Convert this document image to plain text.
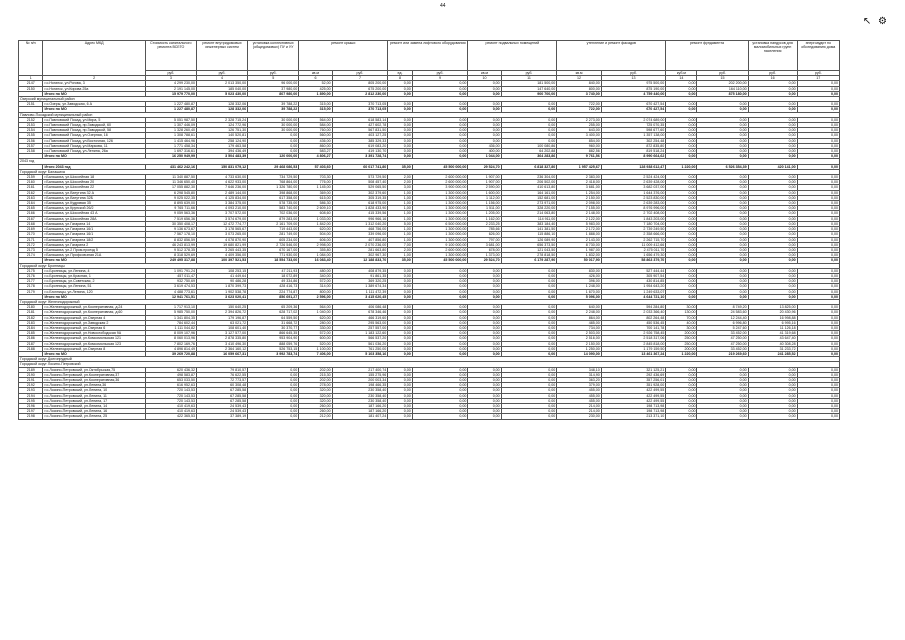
44
↖ ⚙
№ п/п	Адрес МКД	Стоимость капитального ремонта ВСЕГО	ремонт внутридомовых инженерных систем	установка коллективных (общедомовых) ПУ и УУ	ремонт крыши		ремонт или замена лифтового оборудования		ремонт подвальных помещений		утепление и ремонт фасадов		ремонт фундамента		установка пандусов для маломобильных групп населения	энергоаудит по обследованию дома
		руб.	руб.	руб.	кв.м	руб.	ед.	руб.	кв.м	руб.	кв.м	руб.	куб.м	руб.	руб.	руб.
1	2	3	4	5	6	7	8	9	10	11	12	13	14	15	16	17
2147	г.о.Ногинск, ул.Рогова, 3	4 299 230,00	2 013 350,00	96 000,00	52,00	805 200,00	0,00	0,00	0,00	181 500,00	840,00	975 500,00	0,00	202 200,00	0,00	0,00
2150	г.о.Ногинск, ул.Кирова 25а	2 191 145,00	185 040,00	37 980,00	425,00	675 200,00	0,00	0,00	0,00	147 640,00	800,00	875 190,00	0,00	164 110,00	0,00	0,00
	Итого по МО	15 979 770,00	5 023 430,00	807 980,00	1 890,00	2 812 230,00	0,00	0,00	0,00	900 700,00	3 740,00	4 759 440,00	0,00	875 180,00	0,00	0,00
Озерский муниципальный район																
2151	г.о.Озеры, ул.Заводская, 6 А	1 227 480,87	128 332,06	39 788,22	315,00	370 713,05	0,00	0,00	0,00	0,00	722,00	670 427,54	0,00	0,00	0,00	0,00
	Итого по МО	1 227 480,87	128 332,06	39 788,22	315,00	370 713,05	0,00	0,00	0,00	0,00	722,00	670 427,54	0,00	0,00	0,00	0,00
Павлово-Посадский муниципальный район																
2152	г.о.Павловский Посад, ул.Мира, 5	5 051 987,50	2 328 715,24	30 000,00	564,00	618 583,14	0,00	0,00	0,00	0,00	2 273,00	2 074 689,00	0,00	0,00	0,00	0,00
2153	г.о.Павловский Посад, пр.Заводской, 60	1 307 446,09	124 772,96	30 000,00	584,00	427 602,78	0,00	0,00	0,00	0,00	255,00	725 070,35	0,00	0,00	0,00	0,00
2154	г.о.Павловский Посад, пр.Заводской, 58	1 328 260,40	126 751,30	30 000,00	760,00	567 831,50	0,00	0,00	0,00	0,00	643,00	598 677,60	0,00	0,00	0,00	0,00
2155	г.о.Павловский Посад, ул.Озерная, 16	1 308 788,61	140 520,81	0,00	560,00	403 127,25	0,00	0,00	0,00	0,00	3 400,00	1 357 138,00	0,00	0,00	0,00	0,00
2156	г.о.Павловский Посад, ул.Восточная, 126	1 415 464,96	258 124,90	0,00	436,00	385 329,33	0,00	0,00	0,00	0,00	854,00	302 254,48	0,00	0,00	0,00	0,00
2157	г.о.Павловский Посад, ул.Маркова, 11	1 771 458,34	179 463,58	0,00	860,00	619 083,20	0,00	0,00	436,00	100 080,86	960,00	872 835,80	0,00	0,00	0,00	0,00
2158	г.о.Павловский Посад, ул.Ленина, 26а	1 697 316,61	394 436,49	0,00	583,27	419 130,70	0,00	0,00	400,00	64 202,88	882,56	819 518,24	0,00	0,00	0,00	0,00
	Итого по МО	16 250 949,99	3 504 483,39	120 000,00	4 806,27	3 391 728,74	0,00	0,00	1 044,00	364 283,86	9 761,56	8 990 664,62	0,00	0,00	0,00	0,00
2043 год																
	Итого 2043 год	431 462 242,16	150 831 079,12	29 468 086,53	57 403,60	60 017 741,80	35,00	45 500 000,00	29 524,70	6 818 327,80	1 957 425,67	128 938 612,47	1 220,00	6 526 354,39	420 141,00	0,00
Городской округ Балашиха																
2159	г.Балашиха, ул.Шоссейная 18	11 340 887,50	4 733 630,00	734 729,50	703,30	573 729,50	2,00	2 600 000,00	1 907,00	236 304,00	2 383,00	2 524 424,00	0,00	0,00	0,00	0,00
2160	г.Балашиха, ул.Шоссейная 20	11 346 650,40	4 622 933,00	768 864,00	776,00	508 457,40	2,00	2 600 000,00	1 907,00	206 502,00	2 418,00	2 639 428,00	0,00	0,00	0,00	0,00
2161	г.Балашиха, ул.Шоссейная 22	17 055 882,30	7 646 236,00	1 326 780,00	1 145,00	529 065,50	3,00	3 900 000,00	2 590,00	410 613,80	3 681,00	3 682 037,00	0,00	0,00	0,00	0,00
2162	г.Балашиха, ул.Ватутина 32 А	6 298 545,80	2 489 144,00	398 868,00	369,00	302 379,60	1,00	1 300 000,00	1 600,00	164 161,00	1 254,00	1 644 376,00	0,00	0,00	0,00	0,00
2163	г.Балашиха, ул.Ватутина 32Б	9 025 022,35	4 125 834,00	617 358,00	615,00	305 319,35	1,00	1 300 000,00	1 112,00	152 681,00	2 150,00	2 523 830,00	0,00	0,00	0,00	0,00
2164	г.Балашиха, ул.Кудрявая 35	8 895 639,00	3 384 375,00	578 735,00	586,30	618 975,00	1,00	1 300 000,00	1 156,00	273 971,00	2 098,00	2 639 283,00	0,00	0,00	0,00	0,00
2165	г.Балашиха, ул.Крупской 26/2	9 765 711,66	4 093 210,00	583 740,00	2 609,10	1 828 433,90	1,00	1 300 000,00	1 511,00	328 220,00	7 155,00	8 976 996,00	0,00	0,00	0,00	0,00
2166	г.Балашиха, ул.Шоссейная 43 А	9 059 563,36	3 707 572,00	702 036,00	608,60	415 339,56	1,00	1 300 000,00	1 205,00	214 063,80	2 148,00	2 702 408,00	0,00	0,00	0,00	0,00
2167	г.Балашиха, ул.Шоссейная 28А	7 519 656,36	3 574 679,00	879 283,00	1 033,00	996 966,16	1,00	1 300 000,00	1 162,00	114 911,00	2 122,00	1 843 203,00	0,00	0,00	0,00	0,00
2168	г.Балашиха, ул.Гагарина 14	30 350 408,17	12 472 774,77	2 161 709,00	1 842,00	1 312 040,20	5,00	6 500 000,00	2 233,25	383 184,40	5 983,00	7 180 704,00	0,00	0,00	0,00	0,00
2169	г.Балашиха, ул.Гагарина 16/1	9 136 673,67	3 178 565,67	719 443,00	620,00	468 756,00	1,00	1 300 000,00	785,66	141 381,50	2 172,00	2 739 249,50	0,00	0,00	0,00	0,00
2170	г.Балашиха, ул.Гагарина 16/1	7 567 178,10	3 073 265,00	281 749,00	504,00	339 096,00	1,00	1 300 000,00	626,00	115 886,10	1 888,00	2 358 666,00	0,00	0,00	0,00	0,00
2171	г.Балашиха, ул.Гагарина 18/2	8 832 856,59	4 078 870,90	605 234,00	606,00	407 856,80	1,00	1 300 000,00	797,00	126 089,90	2 143,00	2 262 715,70	0,00	0,00	0,00	0,00
2172	г.Балашиха, ул.Гагарина 2	46 243 813,99	19 680 821,99	2 726 546,00	2 998,00	2 070 236,00	7,00	9 100 000,00	3 681,00	656 373,50	8 730,00	11 009 412,66	0,00	0,00	0,00	0,00
2173	г.Балашиха, ул.2 Пром.проезд 5	9 512 378,35	3 265 443,35	670 167,00	355,80	281 663,80	2,00	2 600 000,00	678,00	121 043,50	1 987,00	2 475 011,70	0,00	0,00	0,00	0,00
2174	г.Балашиха, ул.Профсоюзная 21А	8 318 529,69	4 409 356,00	771 930,00	1 084,00	302 967,30	1,00	1 300 000,00	1 373,00	278 818,50	1 832,00	1 656 479,30	0,00	0,00	0,00	0,00
	Итого по МО	249 495 317,88	100 397 521,53	18 554 733,00	16 083,40	12 188 833,70	35,00	45 500 000,00	29 524,70	6 179 287,90	50 017,90	58 863 379,70	0,00	0,00	0,00	0,00
Городской округ Бронницы																
2175	г.о.Бронницы, ул.Ленина, 4	1 091 791,24	108 253,15	47 211,93	480,00	408 879,35	0,00	0,00	0,00	0,00	830,00	527 444,44	0,00	0,00	0,00	0,00
2176	г.о.Бронницы, ул.Красная, 1	457 011,47	41 449,64	18 072,89	340,00	91 861,35	0,00	0,00	0,00	0,00	426,00	305 907,54	0,00	0,00	0,00	0,00
2177	г.о.Бронницы, ул.Советская, 2	932 750,69	90 486,28	49 334,86	572,00	369 320,25	0,00	0,00	0,00	0,00	396,00	430 814,85	0,00	0,00	0,00	0,00
2178	г.о.Бронницы, ул.Ленина, 51	3 619 474,53	1 870 399,73	428 416,73	314,00	1 389 674,34	0,00	0,00	0,00	0,00	1 248,00	1 954 643,20	0,00	0,00	0,00	0,00
2179	г.о.Бronницы, ул.Ленина, 120	4 488 773,61	1 902 538,78	224 774,87	800,00	1 111 472,39	0,00	0,00	0,00	0,00	1 670,00	1 249 633,07	0,00	0,00	0,00	0,00
	Итого по МО	12 941 761,51	3 623 020,41	856 691,27	2 596,00	3 415 620,45	0,00	0,00	0,00	0,00	5 096,00	4 644 721,10	0,00	0,00	0,00	0,00
Городской округ Железнодорожный																
2180	г.о.Железнодорожный, ул.Кооперативная, д.24	1 717 913,10	150 640,25	65 209,36	564,00	406 086,48	0,00	0,00	0,00	0,00	640,00	594 284,80	30,00	8 749,20	13 825,00	0,00
2181	г.о.Железнодорожный, ул.Кооперативная, д.60	5 985 750,00	2 394 826,72	628 717,02	1 040,00	678 346,46	0,00	0,00	0,00	0,00	2 248,00	2 033 366,40	130,00	24 583,60	20 430,96	0,00
2182	г.о.Железнодорожный, ул.Озерная 4	1 341 804,35	179 196,87	64 559,50	620,00	466 319,60	0,00	0,00	0,00	0,00	864,00	802 264,48	70,00	12 244,40	16 998,88	0,00
2183	г.о.Железнодорожный, ул.Заводская 2	784 602,44	63 021,72	31 668,72	280,00	295 563,00	0,00	0,00	0,00	0,00	485,00	450 536,45	40,00	6 996,80	6 995,16	0,00
2184	г.о.Железнодорожный, ул.Озерная 6	1 111 044,82	108 601,40	30 370,77	330,00	257 557,00	0,00	0,00	0,00	0,00	734,00	700 141,78	30,00	5 247,60	11 126,18	0,00
2185	г.о.Железнодорожный, ул.Новослободская 9А	8 009 107,96	3 127 577,00	866 645,35	572,00	1 183 122,60	0,00	0,00	0,00	0,00	2 503,00	2 926 758,45	200,00	33 452,00	41 319,68	0,00
2186	г.о.Железнодорожный, ул.Комсомольская 121	8 060 013,96	2 878 335,80	953 904,90	600,00	566 537,20	0,00	0,00	0,00	0,00	2 516,00	2 518 317,06	250,00	47 250,00	43 647,40	0,00
2187	г.о.Железнодорожный, ул.Комсомольская 123	7 802 169,76	3 410 496,30	888 059,76	520,00	561 036,20	0,00	0,00	0,00	0,00	2 150,00	2 845 818,00	250,00	47 250,00	40 308,28	0,00
2188	г.о.Железнодорожный, ул.Озерная 8	4 896 814,49	2 364 160,12	526 753,15	1 100,00	761 250,00	0,00	0,00	0,00	0,00	1 250,00	1 179 159,50	200,00	33 452,00	31 233,72	0,00
	Итого по МО	39 269 720,88	16 059 667,31	3 992 783,74	7 406,00	5 103 358,16	0,00	0,00	0,00	0,00	14 090,00	13 461 367,24	1 220,00	219 269,60	241 285,52	0,00
Городской округ Долгопрудный																
Городской округ Лосино-Петровский																
2189	г.о.Лосино-Петровский, ул.Октябрьская,75	620 436,32	79 810,57	0,00	202,00	217 400,74	0,00	0,00	0,00	0,00	348,10	321 125,21	0,00	0,00	0,00	0,00
2190	г.о.Лосино-Петровский, ул.Кооперативная,37	498 583,87	76 622,55	0,00	215,30	155 275,96	0,00	0,00	0,00	0,00	314,90	292 436,69	0,00	0,00	0,00	0,00
2191	г.о.Лосино-Петровский, ул.Кооперативная,36	653 033,50	72 773,57	0,00	202,00	200 003,34	0,00	0,00	0,00	0,00	363,20	357 256,01	0,00	0,00	0,00	0,00
2192	г.о.Лосино-Петровский, ул.Ленина,36	616 952,63	60 308,48	0,00	278,00	198 466,35	0,00	0,00	0,00	0,00	379,00	351 928,00	0,00	0,00	0,00	0,00
2193	г.о.Лосино-Петровский, ул.Ленина, 10	720 143,53	67 285,58	0,00	320,00	230 358,40	0,00	0,00	0,00	0,00	455,00	422 499,55	0,00	0,00	0,00	0,00
2194	г.о.Лосино-Петровский, ул.Ленина, 11	720 143,53	67 285,58	0,00	320,00	230 358,40	0,00	0,00	0,00	0,00	455,00	422 499,55	0,00	0,00	0,00	0,00
2195	г.о.Лосино-Петровский, ул.Ленина, 17	720 143,53	67 285,58	0,00	320,00	230 358,40	0,00	0,00	0,00	0,00	455,00	422 499,55	0,00	0,00	0,00	0,00
2196	г.о.Лосино-Петровский, ул.Ленина, 14	410 419,63	24 539,43	0,00	260,00	187 166,20	0,00	0,00	0,00	0,00	214,00	198 713,98	0,00	0,00	0,00	0,00
2197	г.о.Лосино-Петровский, ул.Ленина, 16	410 419,63	24 539,43	0,00	260,00	187 166,20	0,00	0,00	0,00	0,00	214,00	198 713,98	0,00	0,00	0,00	0,00
2198	г.о.Лосино-Петровский, ул.Ленина, 25	422 365,53	37 389,19	0,00	212,00	181 407,24	0,00	0,00	0,00	0,00	230,00	213 371,10	0,00	0,00	0,00	0,00
